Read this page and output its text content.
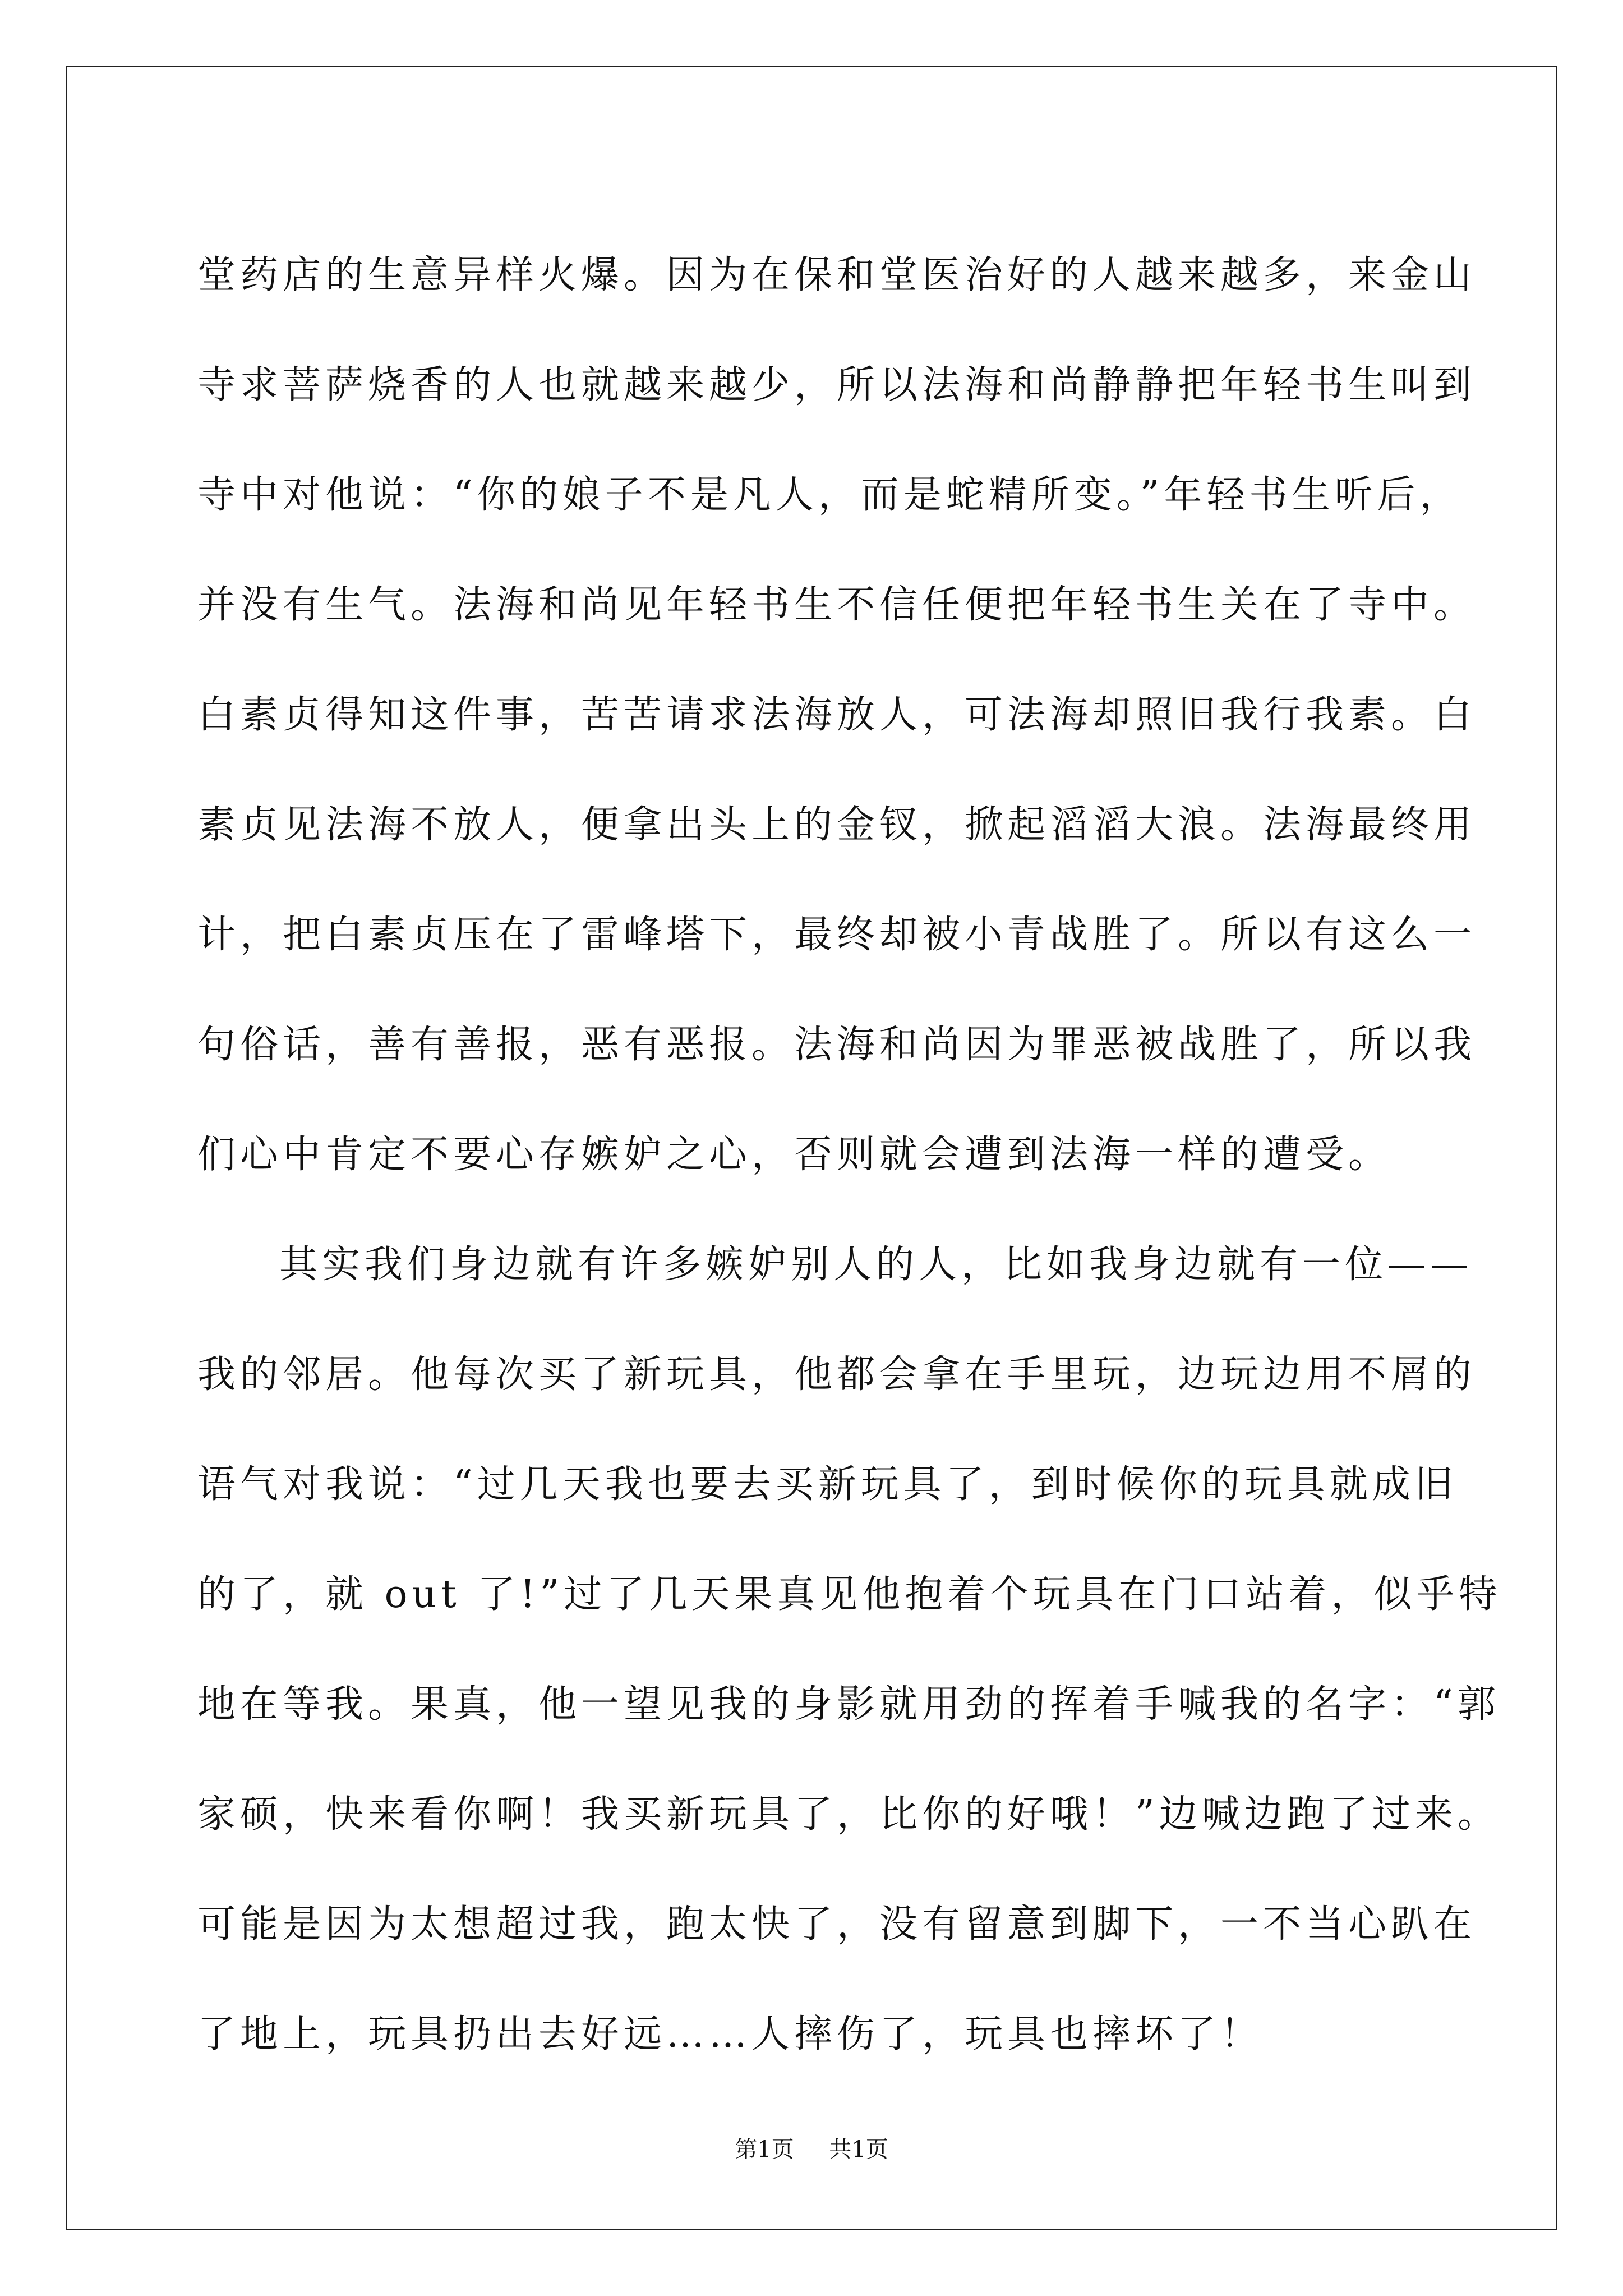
堂药店的生意异样火爆。因为在保和堂医治好的人越来越多，来金山
寺求菩萨烧香的人也就越来越少，所以法海和尚静静把年轻书生叫到
寺中对他说：“你的娘子不是凡人，而是蛇精所变。”年轻书生听后，
并没有生气。法海和尚见年轻书生不信任便把年轻书生关在了寺中。
白素贞得知这件事，苦苦请求法海放人，可法海却照旧我行我素。白
素贞见法海不放人，便拿出头上的金钗，掀起滔滔大浪。法海最终用
计，把白素贞压在了雷峰塔下，最终却被小青战胜了。所以有这么一
句俗话，善有善报，恶有恶报。法海和尚因为罪恶被战胜了，所以我
们心中肯定不要心存嫉妒之心，否则就会遭到法海一样的遭受。
其实我们身边就有许多嫉妒别人的人，比如我身边就有一位——
我的邻居。他每次买了新玩具，他都会拿在手里玩，边玩边用不屑的
语气对我说：“过几天我也要去买新玩具了，到时候你的玩具就成旧
的了，就 out 了!”过了几天果真见他抱着个玩具在门口站着，似乎特
地在等我。果真，他一望见我的身影就用劲的挥着手喊我的名字：“郭
家硕，快来看你啊！我买新玩具了，比你的好哦！”边喊边跑了过来。
可能是因为太想超过我，跑太快了，没有留意到脚下，一不当心趴在
了地上，玩具扔出去好远……人摔伤了，玩具也摔坏了！
第1页 共1页
